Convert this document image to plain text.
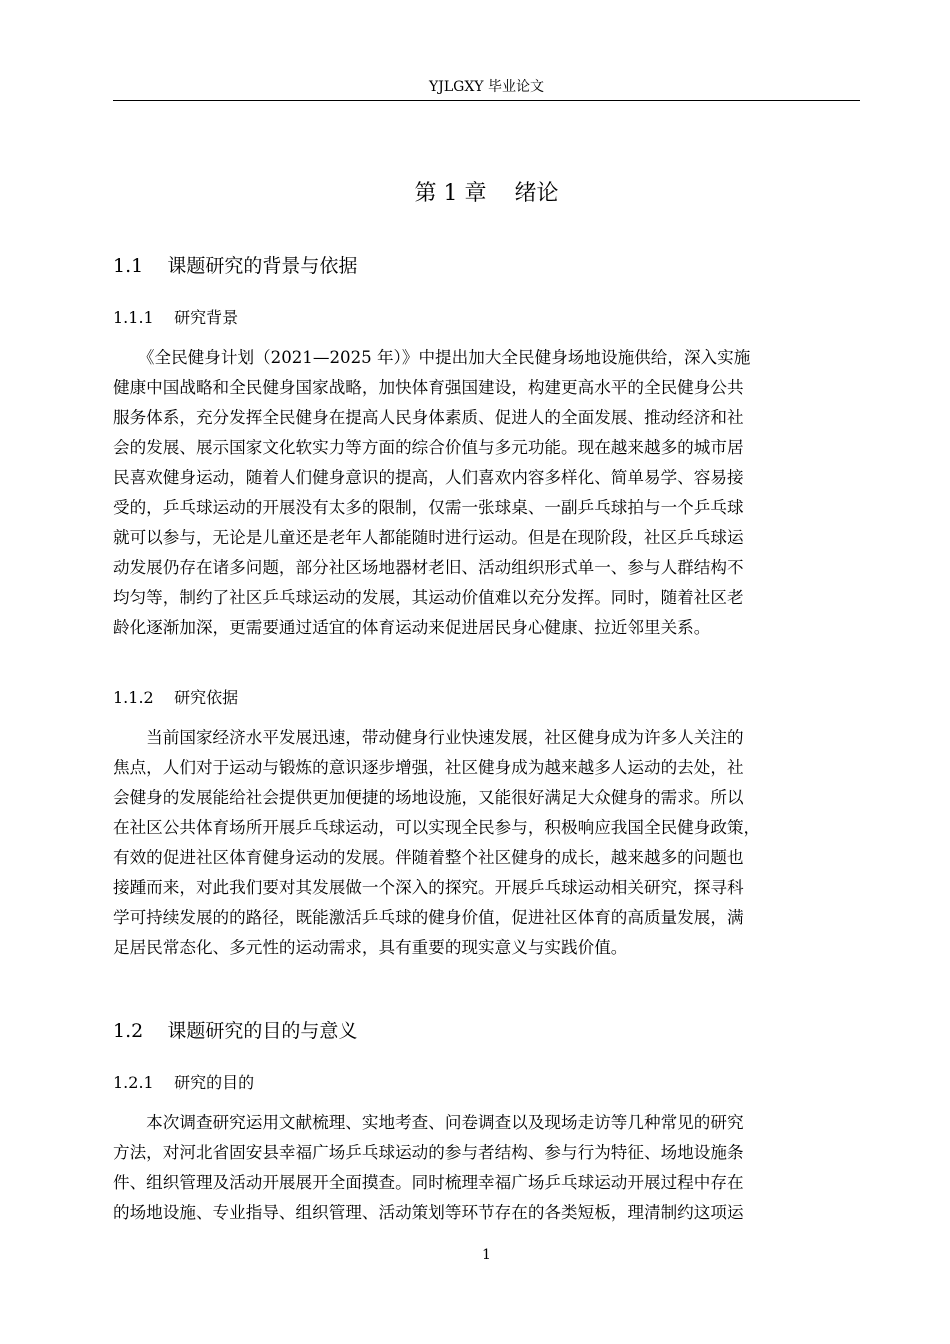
YJLGXY 毕业论文
第 1 章 绪论
1.1 课题研究的背景与依据
1.1.1 研究背景
　　《全民健身计划（2021—2025 年）》中提出加大全民健身场地设施供给，深入实施
健康中国战略和全民健身国家战略，加快体育强国建设，构建更高水平的全民健身公共
服务体系，充分发挥全民健身在提高人民身体素质、促进人的全面发展、推动经济和社
会的发展、展示国家文化软实力等方面的综合价值与多元功能。现在越来越多的城市居
民喜欢健身运动，随着人们健身意识的提高，人们喜欢内容多样化、简单易学、容易接
受的，乒乓球运动的开展没有太多的限制，仅需一张球桌、一副乒乓球拍与一个乒乓球
就可以参与，无论是儿童还是老年人都能随时进行运动。但是在现阶段，社区乒乓球运
动发展仍存在诸多问题，部分社区场地器材老旧、活动组织形式单一、参与人群结构不
均匀等，制约了社区乒乓球运动的发展，其运动价值难以充分发挥。同时，随着社区老
龄化逐渐加深，更需要通过适宜的体育运动来促进居民身心健康、拉近邻里关系。
1.1.2 研究依据
　　当前国家经济水平发展迅速，带动健身行业快速发展，社区健身成为许多人关注的
焦点，人们对于运动与锻炼的意识逐步增强，社区健身成为越来越多人运动的去处，社
会健身的发展能给社会提供更加便捷的场地设施，又能很好满足大众健身的需求。所以
在社区公共体育场所开展乒乓球运动，可以实现全民参与，积极响应我国全民健身政策，
有效的促进社区体育健身运动的发展。伴随着整个社区健身的成长，越来越多的问题也
接踵而来，对此我们要对其发展做一个深入的探究。开展乒乓球运动相关研究，探寻科
学可持续发展的的路径，既能激活乒乓球的健身价值，促进社区体育的高质量发展，满
足居民常态化、多元性的运动需求，具有重要的现实意义与实践价值。
1.2 课题研究的目的与意义
1.2.1 研究的目的
　　本次调查研究运用文献梳理、实地考查、问卷调查以及现场走访等几种常见的研究
方法，对河北省固安县幸福广场乒乓球运动的参与者结构、参与行为特征、场地设施条
件、组织管理及活动开展展开全面摸查。同时梳理幸福广场乒乓球运动开展过程中存在
的场地设施、专业指导、组织管理、活动策划等环节存在的各类短板，理清制约这项运
1
